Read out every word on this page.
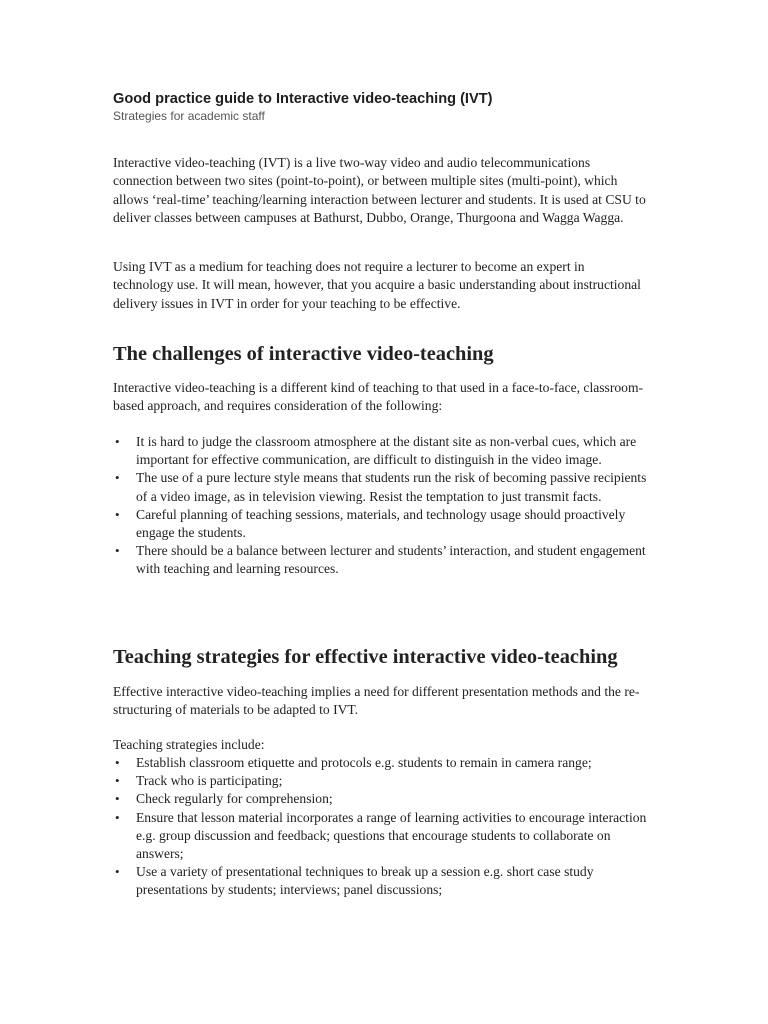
Good practice guide to Interactive video-teaching (IVT)

Strategies for academic staff

Interactive video-teaching (IVT) is a live two-way video and audio telecommunications connection between two sites (point-to-point), or between multiple sites (multi-point), which allows ‘real-time’ teaching/learning interaction between lecturer and students. It is used at CSU to deliver classes between campuses at Bathurst, Dubbo, Orange, Thurgoona and Wagga Wagga.

Using IVT as a medium for teaching does not require a lecturer to become an expert in technology use. It will mean, however, that you acquire a basic understanding about instructional delivery issues in IVT in order for your teaching to be effective.

The challenges of interactive video-teaching

Interactive video-teaching is a different kind of teaching to that used in a face-to-face, classroom-based approach, and requires consideration of the following:

• It is hard to judge the classroom atmosphere at the distant site as non-verbal cues, which are important for effective communication, are difficult to distinguish in the video image.
• The use of a pure lecture style means that students run the risk of becoming passive recipients of a video image, as in television viewing. Resist the temptation to just transmit facts.
• Careful planning of teaching sessions, materials, and technology usage should proactively engage the students.
• There should be a balance between lecturer and students’ interaction, and student engagement with teaching and learning resources.
Teaching strategies for effective interactive video-teaching

Effective interactive video-teaching implies a need for different presentation methods and the re-structuring of materials to be adapted to IVT.

Teaching strategies include:

• Establish classroom etiquette and protocols e.g. students to remain in camera range;
• Track who is participating;
• Check regularly for comprehension;
• Ensure that lesson material incorporates a range of learning activities to encourage interaction e.g. group discussion and feedback; questions that encourage students to collaborate on answers;
• Use a variety of presentational techniques to break up a session e.g. short case study presentations by students; interviews; panel discussions;
